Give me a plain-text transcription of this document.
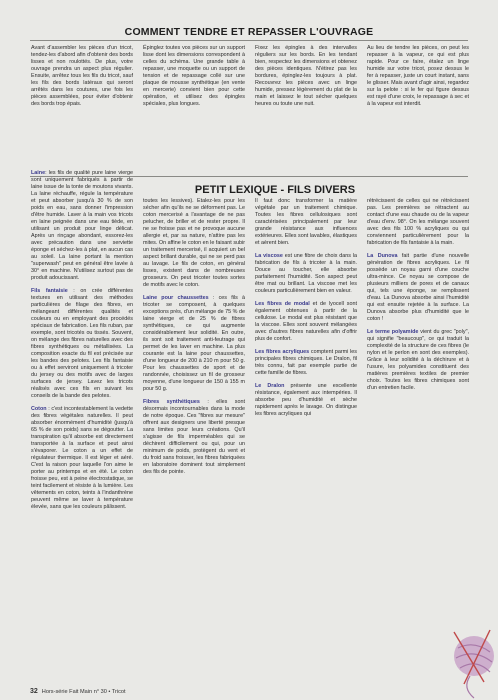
COMMENT TENDRE ET REPASSER L'OUVRAGE

Avant d'assembler les pièces d'un tricot, tendez-les d'abord afin d'obtenir des bords lisses et non roulottés. De plus, votre ouvrage prendra un aspect plus régulier. Ensuite, arrêtez tous les fils du tricot, sauf les fils des bords latéraux qui seront arrêtés dans les coutures, une fois les pièces assemblées, pour éviter d'obtenir des bords trop épais.

Épinglez toutes vos pièces sur un support lisse dont les dimensions correspondent à celles du schéma. Une grande table à repasser, une moquette ou un support de tension et de repassage collé sur une plaque de mousse synthétique (en vente en mercerie) convient bien pour cette opération, et utilisez des épingles spéciales, plus longues.

Fixez les épingles à des intervalles réguliers sur les bords. En les tendant bien, respectez les dimensions et obtenez des pièces identiques. N'étirez pas les bordures, épinglez-les toujours à plat. Recouvrez les pièces avec un linge humide, pressez légèrement du plat de la main et laissez le tout sécher quelques heures ou toute une nuit.

Au lieu de tendre les pièces, on peut les repasser à la vapeur, ce qui est plus rapide. Pour ce faire, étalez un linge humide sur votre tricot, posez dessus le fer à repasser, juste un court instant, sans le glisser. Mais avant d'agir ainsi, regardez sur la pelote : si le fer qui figure dessus est rayé d'une croix, le repassage à sec et à la vapeur est interdit.

PETIT LEXIQUE - FILS DIVERS

Laine: les fils de qualité pure laine vierge sont uniquement fabriqués à partir de laine issue de la tonte de moutons vivants. La laine réchauffe, régule la température et peut absorber jusqu'à 30 % de son poids en eau, sans donner l'impression d'être humide. Laver à la main vos tricots en laine peignée dans une eau tiède, en utilisant un produit pour linge délicat. Après un rinçage abondant, essorez-les avec précaution dans une serviette éponge et séchez-les à plat, en aucun cas au soleil. La laine portant la mention "superwash" peut en général être lavée à 30° en machine. N'utilisez surtout pas de produit adoucissant.

Fils fantaisie : on crée différentes textures en utilisant des méthodes particulières de filage des fibres, en mélangeant différentes qualités et couleurs ou en employant des procédés spéciaux de fabrication. Les fils ruban, par exemple, sont tricotés ou tissés. Souvent, on mélange des fibres naturelles avec des fibres synthétiques ou métallisées. La composition exacte du fil est précisée sur les bandes des pelotes. Les fils fantaisie ou à effet serviront uniquement à tricoter du jersey ou des motifs avec de larges surfaces de jersey. Lavez les tricots réalisés avec ces fils en suivant les conseils de la bande des pelotes.

Coton : c'est incontestablement la vedette des fibres végétales naturelles. Il peut absorber énormément d'humidité (jusqu'à 65 % de son poids) sans se dégoutter. La transpiration qu'il absorbe est directement transportée à la surface et peut ainsi s'évaporer. Le coton a un effet de régulateur thermique. Il est léger et aéré. C'est la raison pour laquelle l'on aime le porter au printemps et en été. Le coton froisse peu, est à peine électrostatique, se teint facilement et résiste à la lumière. Les vêtements en coton, teints à l'indanthrène peuvent même se laver à température élevée, sans que les couleurs pâlissent.

toutes les lessives). Étalez-les pour les sécher afin qu'ils ne se déforment pas. Le coton mercerisé a l'avantage de ne pas pelucher, de briller et de rester propre. Il ne se froisse pas et ne provoque aucune allergie et, par sa nature, n'attire pas les mites. On affine le coton en le faisant subir un traitement mercerisé, il acquiert un bel aspect brillant durable, qui ne se perd pas au lavage. Le fils de coton, en général lisses, existent dans de nombreuses grosseurs. On peut tricoter toutes sortes de motifs avec le coton.

Laine pour chaussettes : ces fils à tricoter se composent, à quelques exceptions près, d'un mélange de 75 % de laine vierge et de 25 % de fibres synthétiques, ce qui augmente considérablement leur solidité. En outre, ils sont soit traitement anti-feutrage qui permet de les laver en machine. La plus courante est la laine pour chaussettes, d'une longueur de 200 à 210 m pour 50 g. Pour les chaussettes de sport et de randonnée, choisissez un fil de grosseur moyenne, d'une longueur de 150 à 155 m pour 50 g.

Fibres synthétiques : elles sont désormais incontournables dans la mode de notre époque. Ces "fibres sur mesure" offrent aux designers une liberté presque sans limites pour leurs créations. Qu'il s'agisse de fils imperméables qui se déchirent difficilement ou qui, pour un minimum de poids, protègent du vent et du froid sans froisser, les fibres fabriquées en laboratoire dominent tout simplement des fils de pointe.

Il faut donc transformer la matière végétale par un traitement chimique. Toutes les fibres cellulosiques sont caractérisées principalement par leur grande résistance aux influences extérieures. Elles sont lavables, élastiques et aèrent bien.

La viscose est une fibre de choix dans la fabrication de fils à tricoter à la main. Douce au toucher, elle absorbe parfaitement l'humidité. Son aspect peut être mat ou brillant. La viscose met les couleurs particulièrement bien en valeur.

Les fibres de modal et de lyocell sont également obtenues à partir de la cellulose. Le modal est plus résistant que la viscose. Elles sont souvent mélangées avec d'autres fibres naturelles afin d'offrir plus de confort.

Les fibres acryliques comptent parmi les principales fibres chimiques. Le Dralon, fil très connu, fait par exemple partie de cette famille de fibres.

Le Dralon présente une excellente résistance, également aux intempéries. Il absorbe peu d'humidité et sèche rapidement après le lavage. On distingue les fibres acryliques qui

rétrécissent de celles qui ne rétrécissent pas. Les premières se rétractent au contact d'une eau chaude ou de la vapeur d'eau d'env. 98°. On les mélange souvent avec des fils 100 % acryliques ou qui conviennent particulièrement pour la fabrication de fils fantaisie à la main.

La Dunova fait partie d'une nouvelle génération de fibres acryliques. Le fil possède un noyau garni d'une couche ultra-mince. Ce noyau se compose de plusieurs milliers de pores et de canaux qui, tels une éponge, se remplissent d'eau. La Dunova absorbe ainsi l'humidité qui est ensuite rejetée à la surface. La Dunova absorbe plus d'humidité que le coton !

Le terme polyamide vient du grec "poly", qui signifie "beaucoup", ce qui traduit la complexité de la structure de ces fibres (le nylon et le perlon en sont des exemples). Grâce à leur solidité à la déchirure et à l'usure, les polyamides constituent des matières premières textiles de premier choix. Toutes les fibres chimiques sont d'un entretien facile.

32 Hors-série Fait Main n° 30 • Tricot
